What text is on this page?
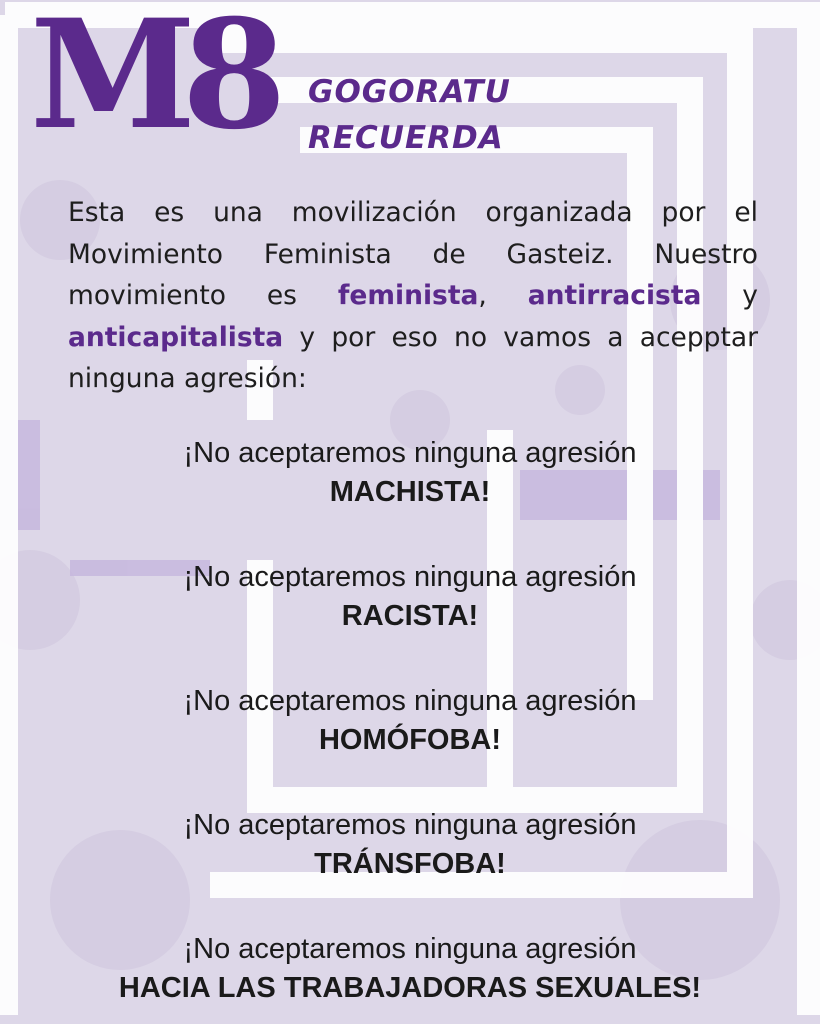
M8 GOGORATU
RECUERDA
Esta es una movilización organizada por el Movimiento Feminista de Gasteiz. Nuestro movimiento es feminista, antirracista y anticapitalista y por eso no vamos a acepptar ninguna agresión:
¡No aceptaremos ninguna agresión
MACHISTA!
¡No aceptaremos ninguna agresión
RACISTA!
¡No aceptaremos ninguna agresión
HOMÓFOBA!
¡No aceptaremos ninguna agresión
TRÁNSFOBA!
¡No aceptaremos ninguna agresión
HACIA LAS TRABAJADORAS SEXUALES!
